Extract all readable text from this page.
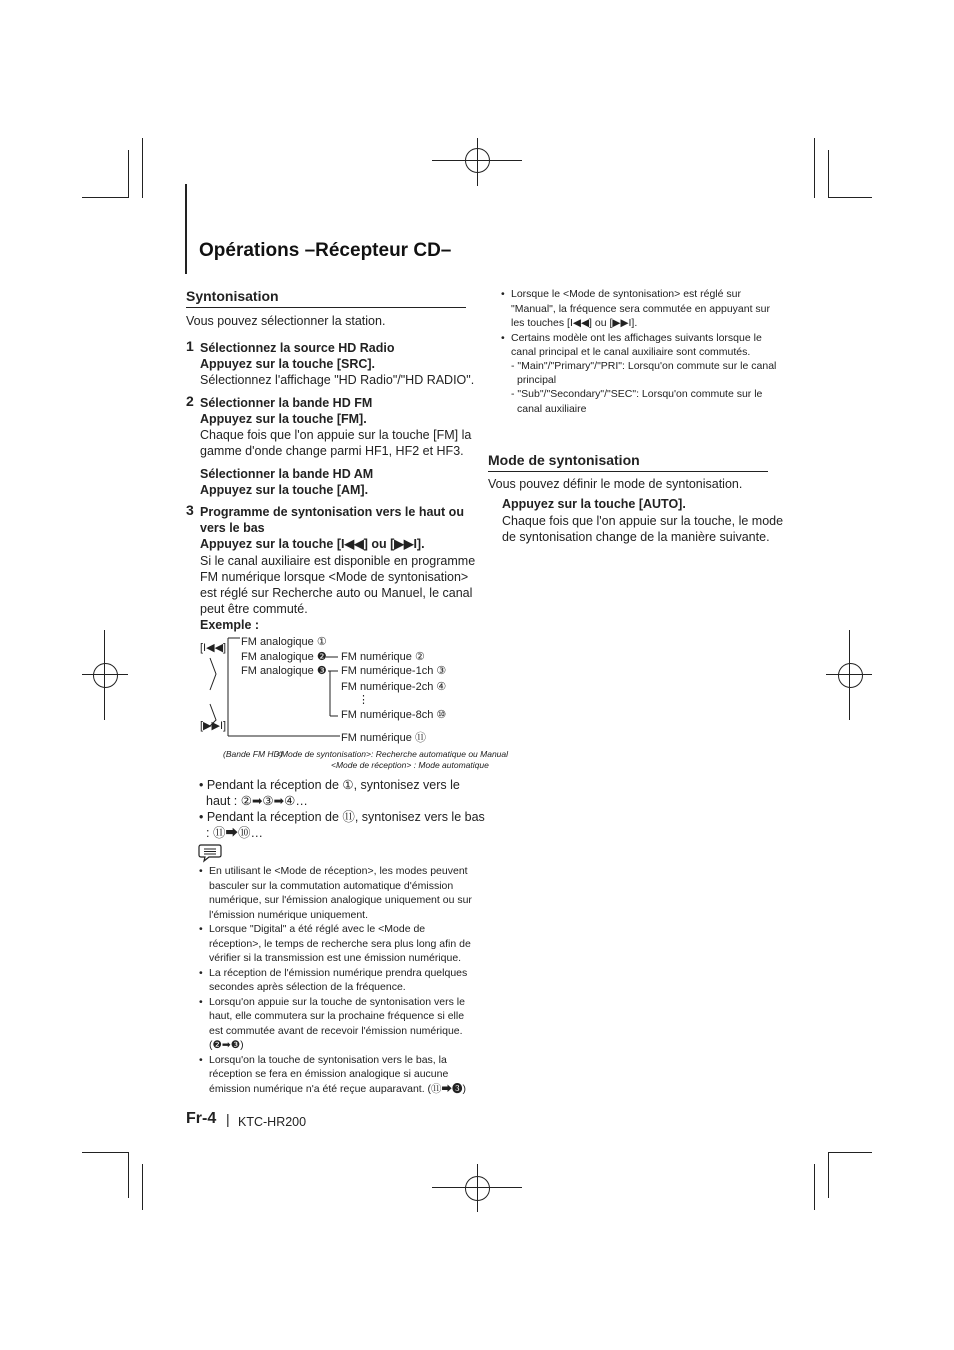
Opérations –Récepteur CD–
Syntonisation
Vous pouvez sélectionner la station.
1 Sélectionnez la source HD Radio
Appuyez sur la touche [SRC].
Sélectionnez l'affichage "HD Radio"/"HD RADIO".
2 Sélectionner la bande HD FM
Appuyez sur la touche [FM].
Chaque fois que l'on appuie sur la touche [FM] la
gamme d'onde change parmi HF1, HF2 et HF3.
Sélectionner la bande HD AM
Appuyez sur la touche [AM].
3 Programme de syntonisation vers le haut ou
vers le bas
Appuyez sur la touche [I◀◀] ou [▶▶I].
Si le canal auxiliaire est disponible en programme
FM numérique lorsque <Mode de syntonisation>
est réglé sur Recherche auto ou Manuel, le canal
peut être commuté.
Exemple :
[I◀◀]
[▶▶I]
FM analogique ①
FM analogique ❷
FM analogique ❸
FM numérique ②
FM numérique-1ch ③
FM numérique-2ch ④
⋮
FM numérique-8ch ⑩
FM numérique ⑪
(Bande FM HD)
<Mode de syntonisation>: Recherche automatique ou Manual
<Mode de réception> : Mode automatique
• Pendant la réception de ①, syntonisez vers le
haut : ②➡③➡④…
• Pendant la réception de ⑪, syntonisez vers le bas
: ⑪➡⑩…
• En utilisant le <Mode de réception>, les modes peuvent
basculer sur la commutation automatique d'émission
numérique, sur l'émission analogique uniquement ou sur
l'émission numérique uniquement.
• Lorsque "Digital" a été réglé avec le <Mode de
réception>, le temps de recherche sera plus long afin de
vérifier si la transmission est une émission numérique.
• La réception de l'émission numérique prendra quelques
secondes après sélection de la fréquence.
• Lorsqu'on appuie sur la touche de syntonisation vers le
haut, elle commutera sur la prochaine fréquence si elle
est commutée avant de recevoir l'émission numérique.
(❷➡❸)
• Lorsqu'on la touche de syntonisation vers le bas, la
réception se fera en émission analogique si aucune
émission numérique n'a été reçue auparavant. (⑪➡❸)
• Lorsque le <Mode de syntonisation> est réglé sur
"Manual", la fréquence sera commutée en appuyant sur
les touches [I◀◀] ou [▶▶I].
• Certains modèle ont les affichages suivants lorsque le
canal principal et le canal auxiliaire sont commutés.
- "Main"/"Primary"/"PRI": Lorsqu'on commute sur le canal
principal
- "Sub"/"Secondary"/"SEC": Lorsqu'on commute sur le
canal auxiliaire
Mode de syntonisation
Vous pouvez définir le mode de syntonisation.
Appuyez sur la touche [AUTO].
Chaque fois que l'on appuie sur la touche, le mode
de syntonisation change de la manière suivante.
Fr-4 | KTC-HR200
